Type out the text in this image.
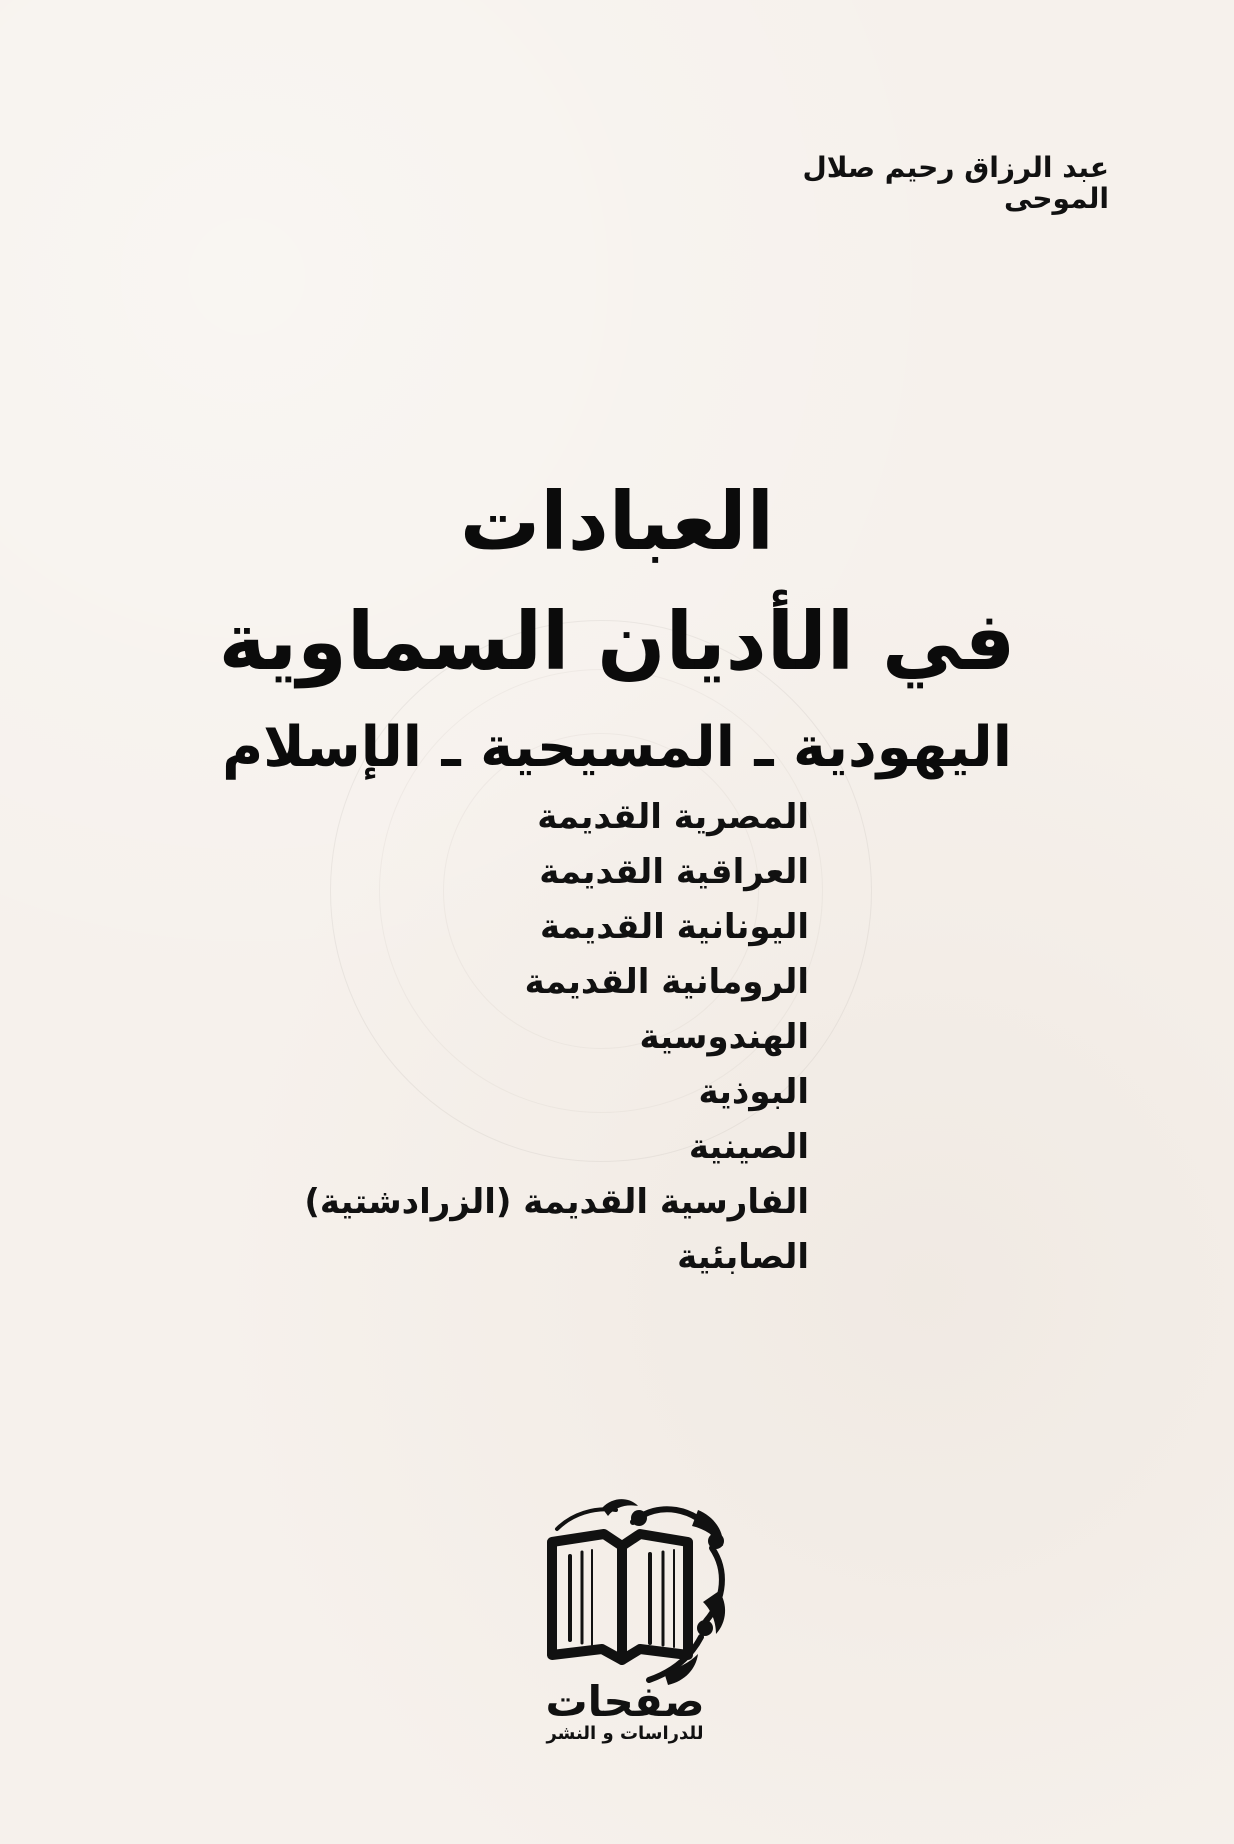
عبد الرزاق رحيم صلال الموحى
العبادات
في الأديان السماوية
اليهودية ـ المسيحية ـ الإسلام
المصرية القديمة
العراقية القديمة
اليونانية القديمة
الرومانية القديمة
الهندوسية
البوذية
الصينية
الفارسية القديمة (الزرادشتية)
الصابئية
صفحات
للدراسات و النشر
